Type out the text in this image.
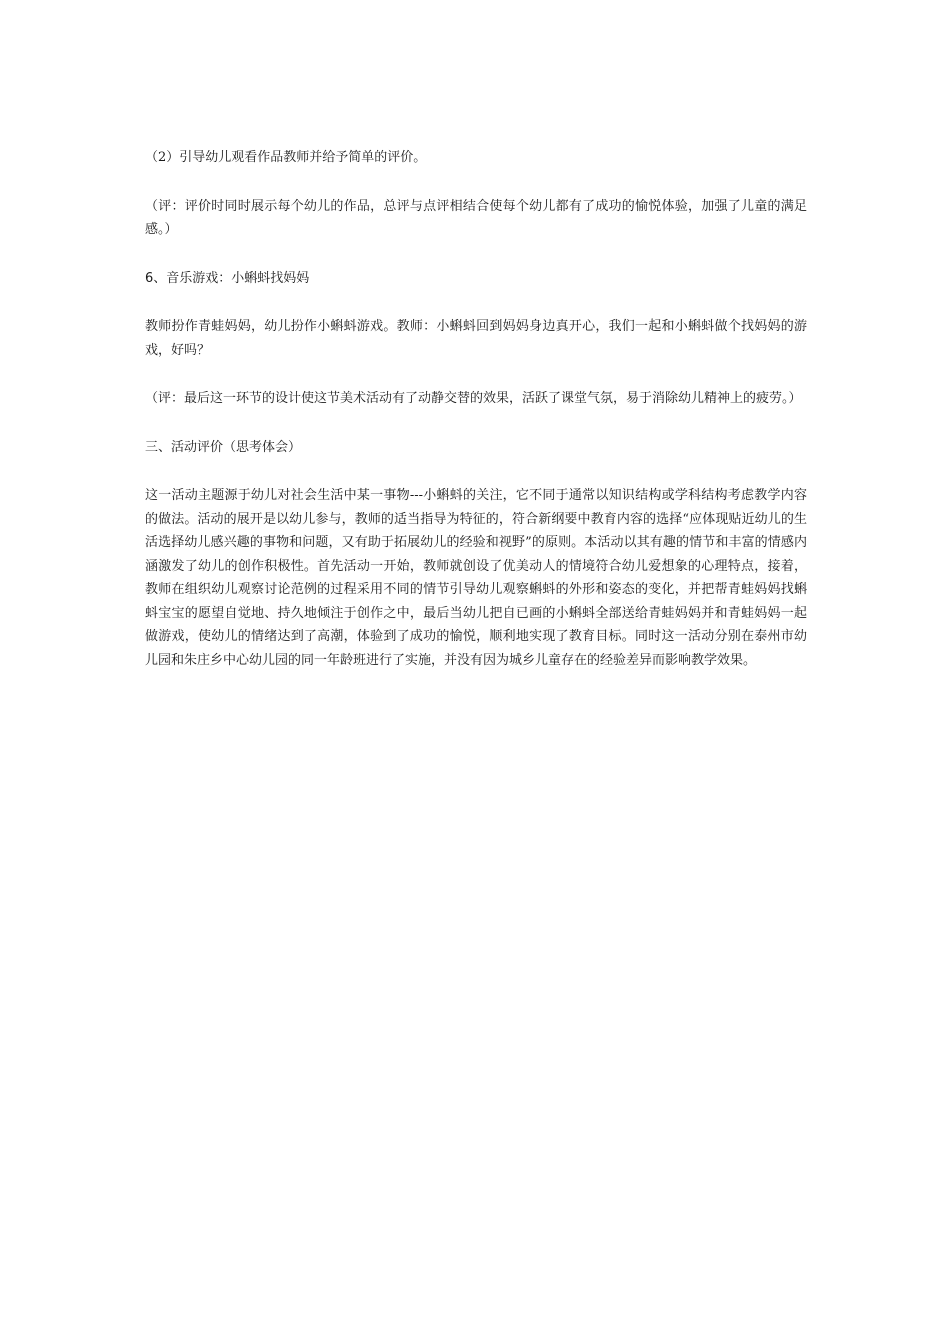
（2）引导幼儿观看作品教师并给予简单的评价。

（评：评价时同时展示每个幼儿的作品，总评与点评相结合使每个幼儿都有了成功的愉悦体验，加强了儿童的满足感。）

6、音乐游戏：小蝌蚪找妈妈

教师扮作青蛙妈妈，幼儿扮作小蝌蚪游戏。教师：小蝌蚪回到妈妈身边真开心，我们一起和小蝌蚪做个找妈妈的游戏，好吗？

（评：最后这一环节的设计使这节美术活动有了动静交替的效果，活跃了课堂气氛，易于消除幼儿精神上的疲劳。）

三、活动评价（思考体会）

这一活动主题源于幼儿对社会生活中某一事物---小蝌蚪的关注，它不同于通常以知识结构或学科结构考虑教学内容的做法。活动的展开是以幼儿参与，教师的适当指导为特征的，符合新纲要中教育内容的选择“应体现贴近幼儿的生活选择幼儿感兴趣的事物和问题，又有助于拓展幼儿的经验和视野”的原则。本活动以其有趣的情节和丰富的情感内涵激发了幼儿的创作积极性。首先活动一开始，教师就创设了优美动人的情境符合幼儿爱想象的心理特点，接着，教师在组织幼儿观察讨论范例的过程采用不同的情节引导幼儿观察蝌蚪的外形和姿态的变化，并把帮青蛙妈妈找蝌蚪宝宝的愿望自觉地、持久地倾注于创作之中，最后当幼儿把自已画的小蝌蚪全部送给青蛙妈妈并和青蛙妈妈一起做游戏，使幼儿的情绪达到了高潮，体验到了成功的愉悦，顺利地实现了教育目标。同时这一活动分别在泰州市幼儿园和朱庄乡中心幼儿园的同一年龄班进行了实施，并没有因为城乡儿童存在的经验差异而影响教学效果。
